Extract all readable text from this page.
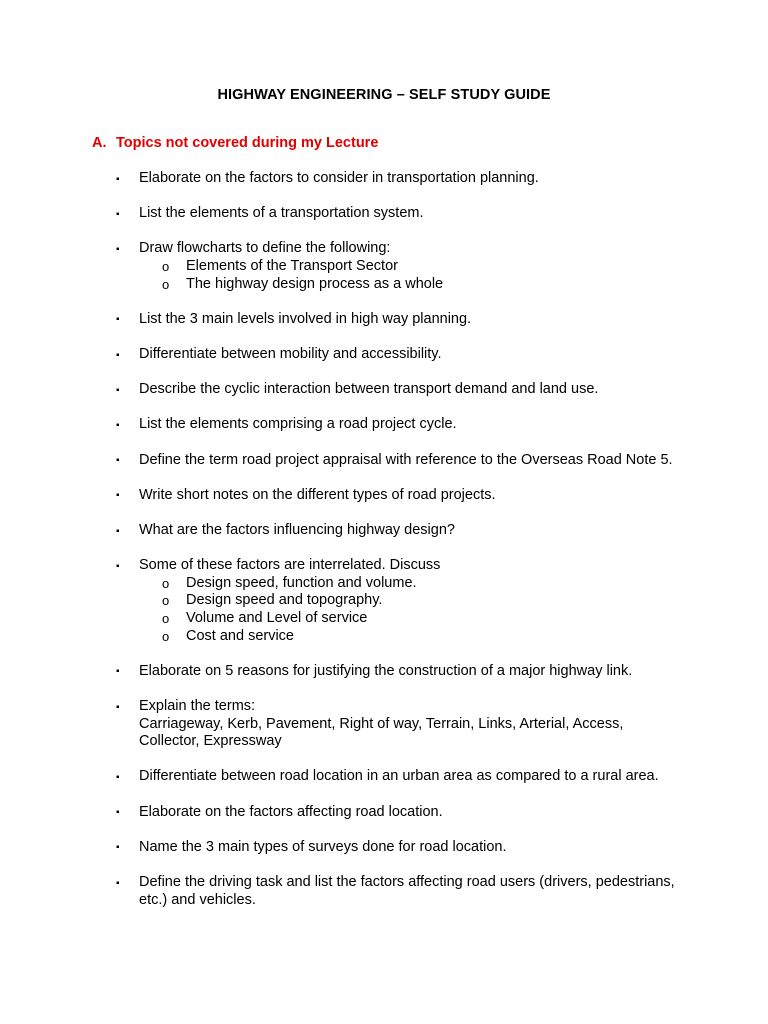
HIGHWAY ENGINEERING – SELF STUDY GUIDE
A. Topics not covered during my Lecture
▪ Elaborate on the factors to consider in transportation planning.
▪ List the elements of a transportation system.
▪ Draw flowcharts to define the following:
o Elements of the Transport Sector
o The highway design process as a whole
▪ List the 3 main levels involved in high way planning.
▪ Differentiate between mobility and accessibility.
▪ Describe the cyclic interaction between transport demand and land use.
▪ List the elements comprising a road project cycle.
▪ Define the term road project appraisal with reference to the Overseas Road Note 5.
▪ Write short notes on the different types of road projects.
▪ What are the factors influencing highway design?
▪ Some of these factors are interrelated. Discuss
o Design speed, function and volume.
o Design speed and topography.
o Volume and Level of service
o Cost and service
▪ Elaborate on 5 reasons for justifying the construction of a major highway link.
▪ Explain the terms:
Carriageway, Kerb, Pavement, Right of way, Terrain, Links, Arterial, Access,
Collector, Expressway
▪ Differentiate between road location in an urban area as compared to a rural area.
▪ Elaborate on the factors affecting road location.
▪ Name the 3 main types of surveys done for road location.
▪ Define the driving task and list the factors affecting road users (drivers, pedestrians,
etc.) and vehicles.
